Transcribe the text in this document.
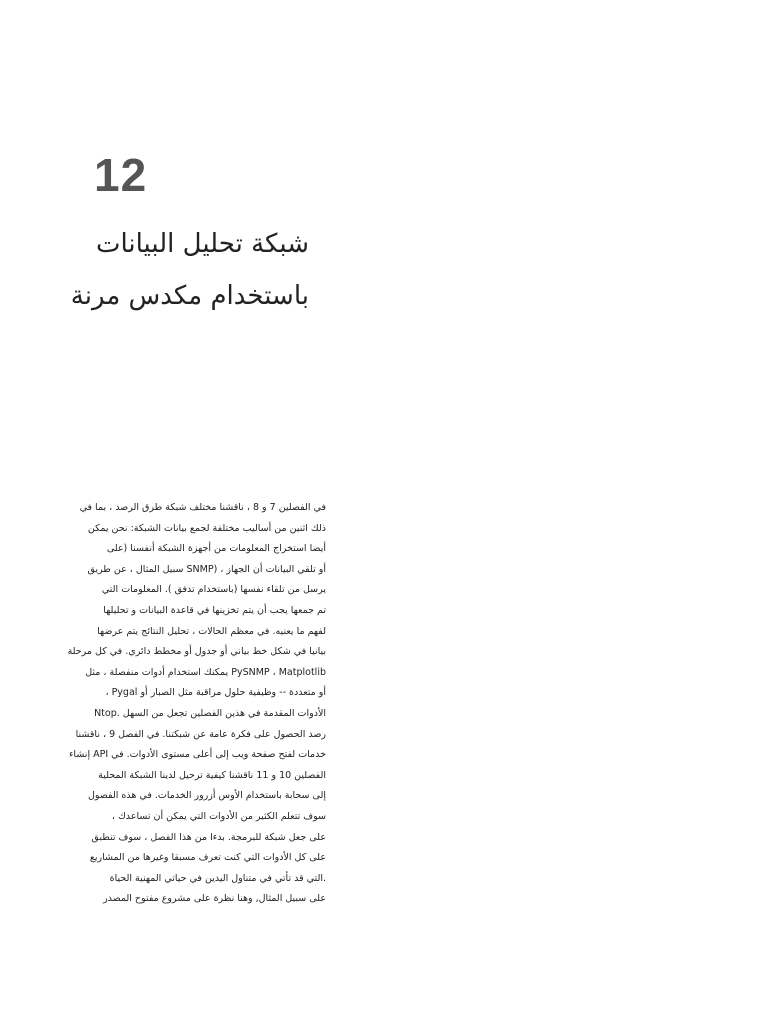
12
شبكة تحليل البيانات
باستخدام مكدس مرنة
في الفصلين 7 و 8 ، ناقشنا مختلف شبكة طرق الرصد ، بما في
ذلك اثنين من أساليب مختلفة لجمع بيانات الشبكة: نحن يمكن
أيضا استخراج المعلومات من أجهزة الشبكة أنفسنا (على
أو تلقي البيانات أن الجهاز ، (SNMP سبيل المثال ، عن طريق
يرسل من تلقاء نفسها (باستخدام تدفق ). المعلومات التي
تم جمعها يجب أن يتم تخزينها في قاعدة البيانات و تحليلها
لفهم ما يعنيه. في معظم الحالات ، تحليل النتائج يتم عرضها
بيانيا في شكل خط بياني أو جدول أو مخطط دائري. في كل مرحلة
PySNMP ، Matplotlib يمكنك استخدام أدوات منفصلة ، مثل
أو متعددة -- وظيفية حلول مراقبة مثل الصبار أو Pygal ،
الأدوات المقدمة في هذين الفصلين تجعل من السهل .Ntop
رصد الحصول على فكرة عامة عن شبكتنا. في الفصل 9 ، ناقشنا
خدمات لفتح صفحة ويب إلى أعلى مستوى الأدوات. في API إنشاء
الفصلين 10 و 11 ناقشنا كيفية ترحيل لدينا الشبكة المحلية
إلى سحابة باستخدام الأوس أزرور الخدمات. في هذه الفصول
سوف تتعلم الكثير من الأدوات التي يمكن أن تساعدك ،
على جعل شبكة للبرمجة. بدءا من هذا الفصل ، سوف تنطبق
على كل الأدوات التي كنت تعرف مسبقا وغيرها من المشاريع
.التي قد تأتي في متناول اليدين في حياتي المهنية الحياة
على سبيل المثال, وهنا نظرة على مشروع مفتوح المصدر
